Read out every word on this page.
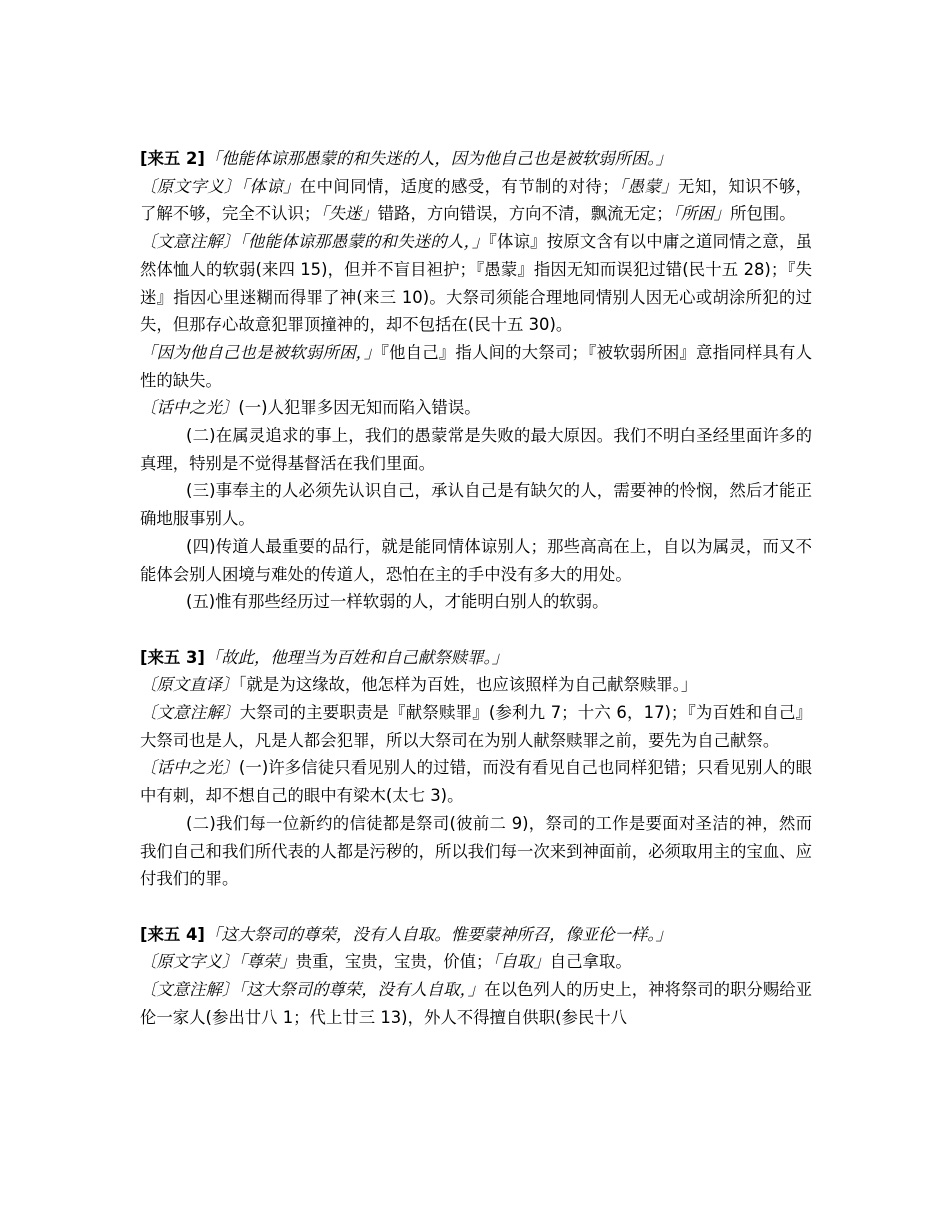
[来五 2]「他能体谅那愚蒙的和失迷的人，因为他自己也是被软弱所困。」

〔原文字义〕「体谅」在中间同情，适度的感受，有节制的对待；「愚蒙」无知，知识不够，了解不够，完全不认识；「失迷」错路，方向错误，方向不清，飘流无定；「所困」所包围。

〔文意注解〕「他能体谅那愚蒙的和失迷的人，」『体谅』按原文含有以中庸之道同情之意，虽然体恤人的软弱(来四 15)，但并不盲目袒护；『愚蒙』指因无知而误犯过错(民十五 28)；『失迷』指因心里迷糊而得罪了神(来三 10)。大祭司须能合理地同情别人因无心或胡涂所犯的过失，但那存心故意犯罪顶撞神的，却不包括在(民十五 30)。

「因为他自己也是被软弱所困，」『他自己』指人间的大祭司；『被软弱所困』意指同样具有人性的缺失。

〔话中之光〕(一)人犯罪多因无知而陷入错误。

(二)在属灵追求的事上，我们的愚蒙常是失败的最大原因。我们不明白圣经里面许多的真理，特别是不觉得基督活在我们里面。

(三)事奉主的人必须先认识自己，承认自己是有缺欠的人，需要神的怜悯，然后才能正确地服事别人。

(四)传道人最重要的品行，就是能同情体谅别人；那些高高在上，自以为属灵，而又不能体会别人困境与难处的传道人，恐怕在主的手中没有多大的用处。

(五)惟有那些经历过一样软弱的人，才能明白别人的软弱。

[来五 3]「故此，他理当为百姓和自己献祭赎罪。」

〔原文直译〕「就是为这缘故，他怎样为百姓，也应该照样为自己献祭赎罪。」

〔文意注解〕大祭司的主要职责是『献祭赎罪』(参利九 7；十六 6，17)；『为百姓和自己』大祭司也是人，凡是人都会犯罪，所以大祭司在为别人献祭赎罪之前，要先为自己献祭。

〔话中之光〕(一)许多信徒只看见别人的过错，而没有看见自己也同样犯错；只看见别人的眼中有刺，却不想自己的眼中有梁木(太七 3)。

(二)我们每一位新约的信徒都是祭司(彼前二 9)，祭司的工作是要面对圣洁的神，然而我们自己和我们所代表的人都是污秽的，所以我们每一次来到神面前，必须取用主的宝血、应付我们的罪。

[来五 4]「这大祭司的尊荣，没有人自取。惟要蒙神所召，像亚伦一样。」

〔原文字义〕「尊荣」贵重，宝贵，宝贵，价值；「自取」自己拿取。

〔文意注解〕「这大祭司的尊荣，没有人自取，」在以色列人的历史上，神将祭司的职分赐给亚伦一家人(参出廿八 1；代上廿三 13)，外人不得擅自供职(参民十八
